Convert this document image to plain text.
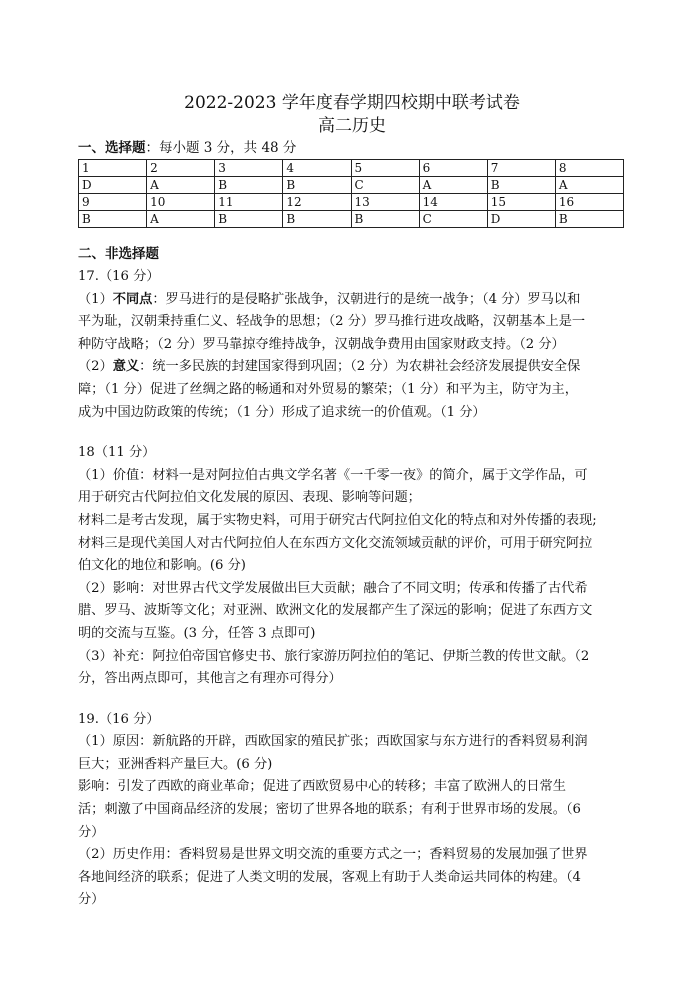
2022-2023 学年度春学期四校期中联考试卷
高二历史
一、选择题：每小题 3 分，共 48 分
1	2	3	4	5	6	7	8
D	A	B	B	C	A	B	A
9	10	11	12	13	14	15	16
B	A	B	B	B	C	D	B
二、非选择题
17.（16 分）
（1）不同点：罗马进行的是侵略扩张战争，汉朝进行的是统一战争；（4 分）罗马以和
平为耻，汉朝秉持重仁义、轻战争的思想；（2 分）罗马推行进攻战略，汉朝基本上是一
种防守战略；（2 分）罗马靠掠夺维持战争，汉朝战争费用由国家财政支持。（2 分）
（2）意义：统一多民族的封建国家得到巩固；（2 分）为农耕社会经济发展提供安全保
障；（1 分）促进了丝绸之路的畅通和对外贸易的繁荣；（1 分）和平为主，防守为主，
成为中国边防政策的传统；（1 分）形成了追求统一的价值观。（1 分）
18（11 分）
（1）价值：材料一是对阿拉伯古典文学名著《一千零一夜》的简介，属于文学作品，可
用于研究古代阿拉伯文化发展的原因、表现、影响等问题；
材料二是考古发现，属于实物史料，可用于研究古代阿拉伯文化的特点和对外传播的表现;
材料三是现代美国人对古代阿拉伯人在东西方文化交流领域贡献的评价，可用于研究阿拉
伯文化的地位和影响。(6 分)
（2）影响：对世界古代文学发展做出巨大贡献；融合了不同文明；传承和传播了古代希
腊、罗马、波斯等文化；对亚洲、欧洲文化的发展都产生了深远的影响；促进了东西方文
明的交流与互鉴。(3 分，任答 3 点即可)
（3）补充：阿拉伯帝国官修史书、旅行家游历阿拉伯的笔记、伊斯兰教的传世文献。（2
分，答出两点即可，其他言之有理亦可得分）
19.（16 分）
（1）原因：新航路的开辟，西欧国家的殖民扩张；西欧国家与东方进行的香料贸易利润
巨大；亚洲香料产量巨大。(6 分)
影响：引发了西欧的商业革命；促进了西欧贸易中心的转移；丰富了欧洲人的日常生
活；刺激了中国商品经济的发展；密切了世界各地的联系；有利于世界市场的发展。（6
分）
（2）历史作用：香料贸易是世界文明交流的重要方式之一；香料贸易的发展加强了世界
各地间经济的联系；促进了人类文明的发展，客观上有助于人类命运共同体的构建。（4
分）
